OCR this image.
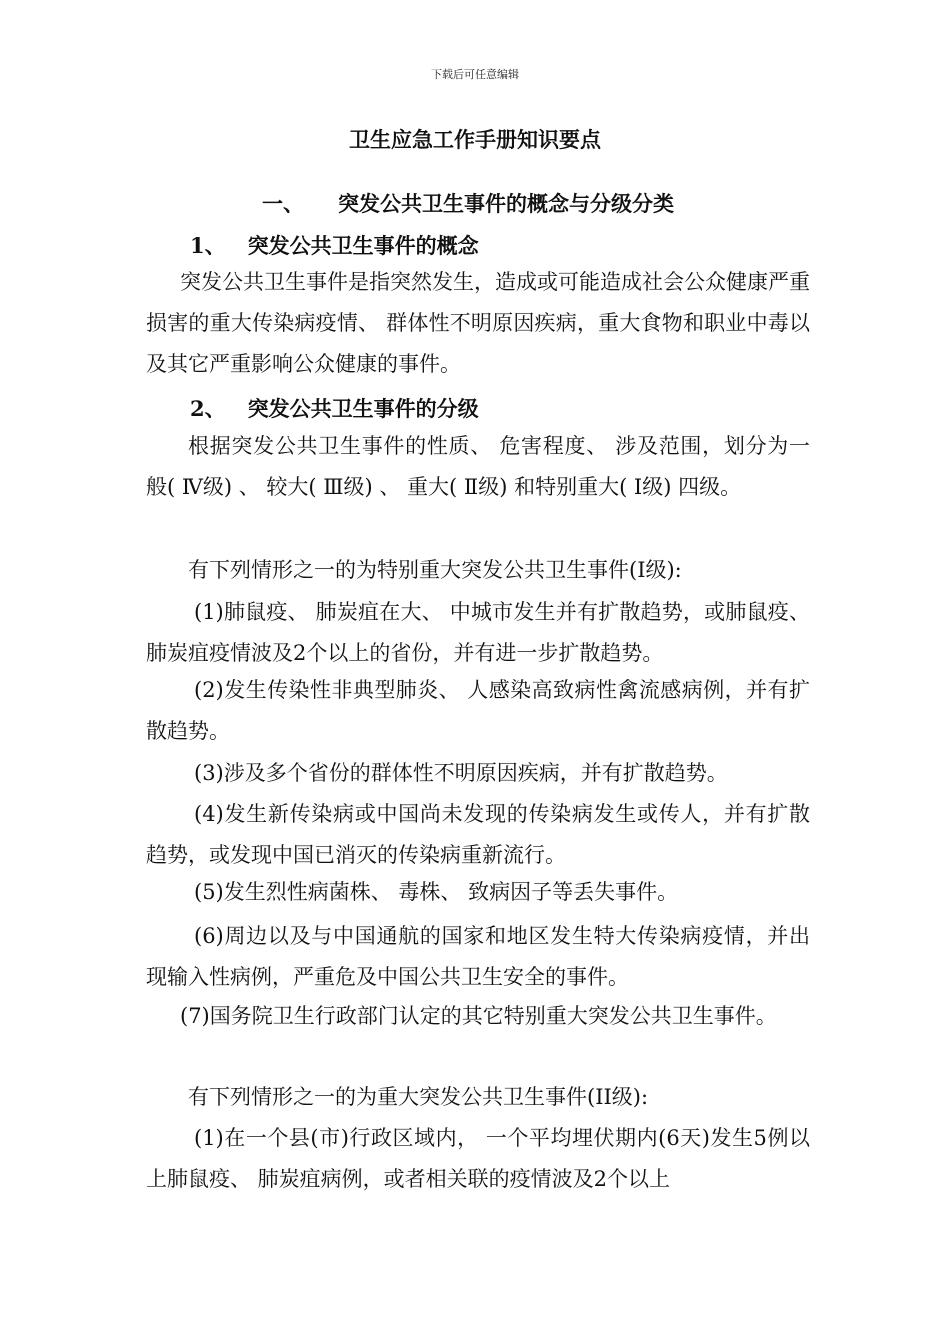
下载后可任意编辑
卫生应急工作手册知识要点
一、 突发公共卫生事件的概念与分级分类
1、 突发公共卫生事件的概念

突发公共卫生事件是指突然发生，造成或可能造成社会公众健康严重损害的重大传染病疫情、 群体性不明原因疾病，重大食物和职业中毒以及其它严重影响公众健康的事件。

2、 突发公共卫生事件的分级

根据突发公共卫生事件的性质、 危害程度、 涉及范围，划分为一般( Ⅳ级) 、 较大( Ⅲ级) 、 重大( Ⅱ级) 和特别重大( Ⅰ级) 四级。

有下列情形之一的为特别重大突发公共卫生事件(Ⅰ级):

(1)肺鼠疫、 肺炭疽在大、 中城市发生并有扩散趋势，或肺鼠疫、 肺炭疽疫情波及2个以上的省份，并有进一步扩散趋势。

(2)发生传染性非典型肺炎、 人感染高致病性禽流感病例，并有扩散趋势。

(3)涉及多个省份的群体性不明原因疾病，并有扩散趋势。

(4)发生新传染病或中国尚未发现的传染病发生或传人，并有扩散趋势，或发现中国已消灭的传染病重新流行。

(5)发生烈性病菌株、 毒株、 致病因子等丢失事件。

(6)周边以及与中国通航的国家和地区发生特大传染病疫情，并出现输入性病例，严重危及中国公共卫生安全的事件。

(7)国务院卫生行政部门认定的其它特别重大突发公共卫生事件。

有下列情形之一的为重大突发公共卫生事件(ⅠⅠ级):

(1)在一个县(市)行政区域内， 一个平均埋伏期内(6天)发生5例以上肺鼠疫、 肺炭疽病例，或者相关联的疫情波及2个以上
